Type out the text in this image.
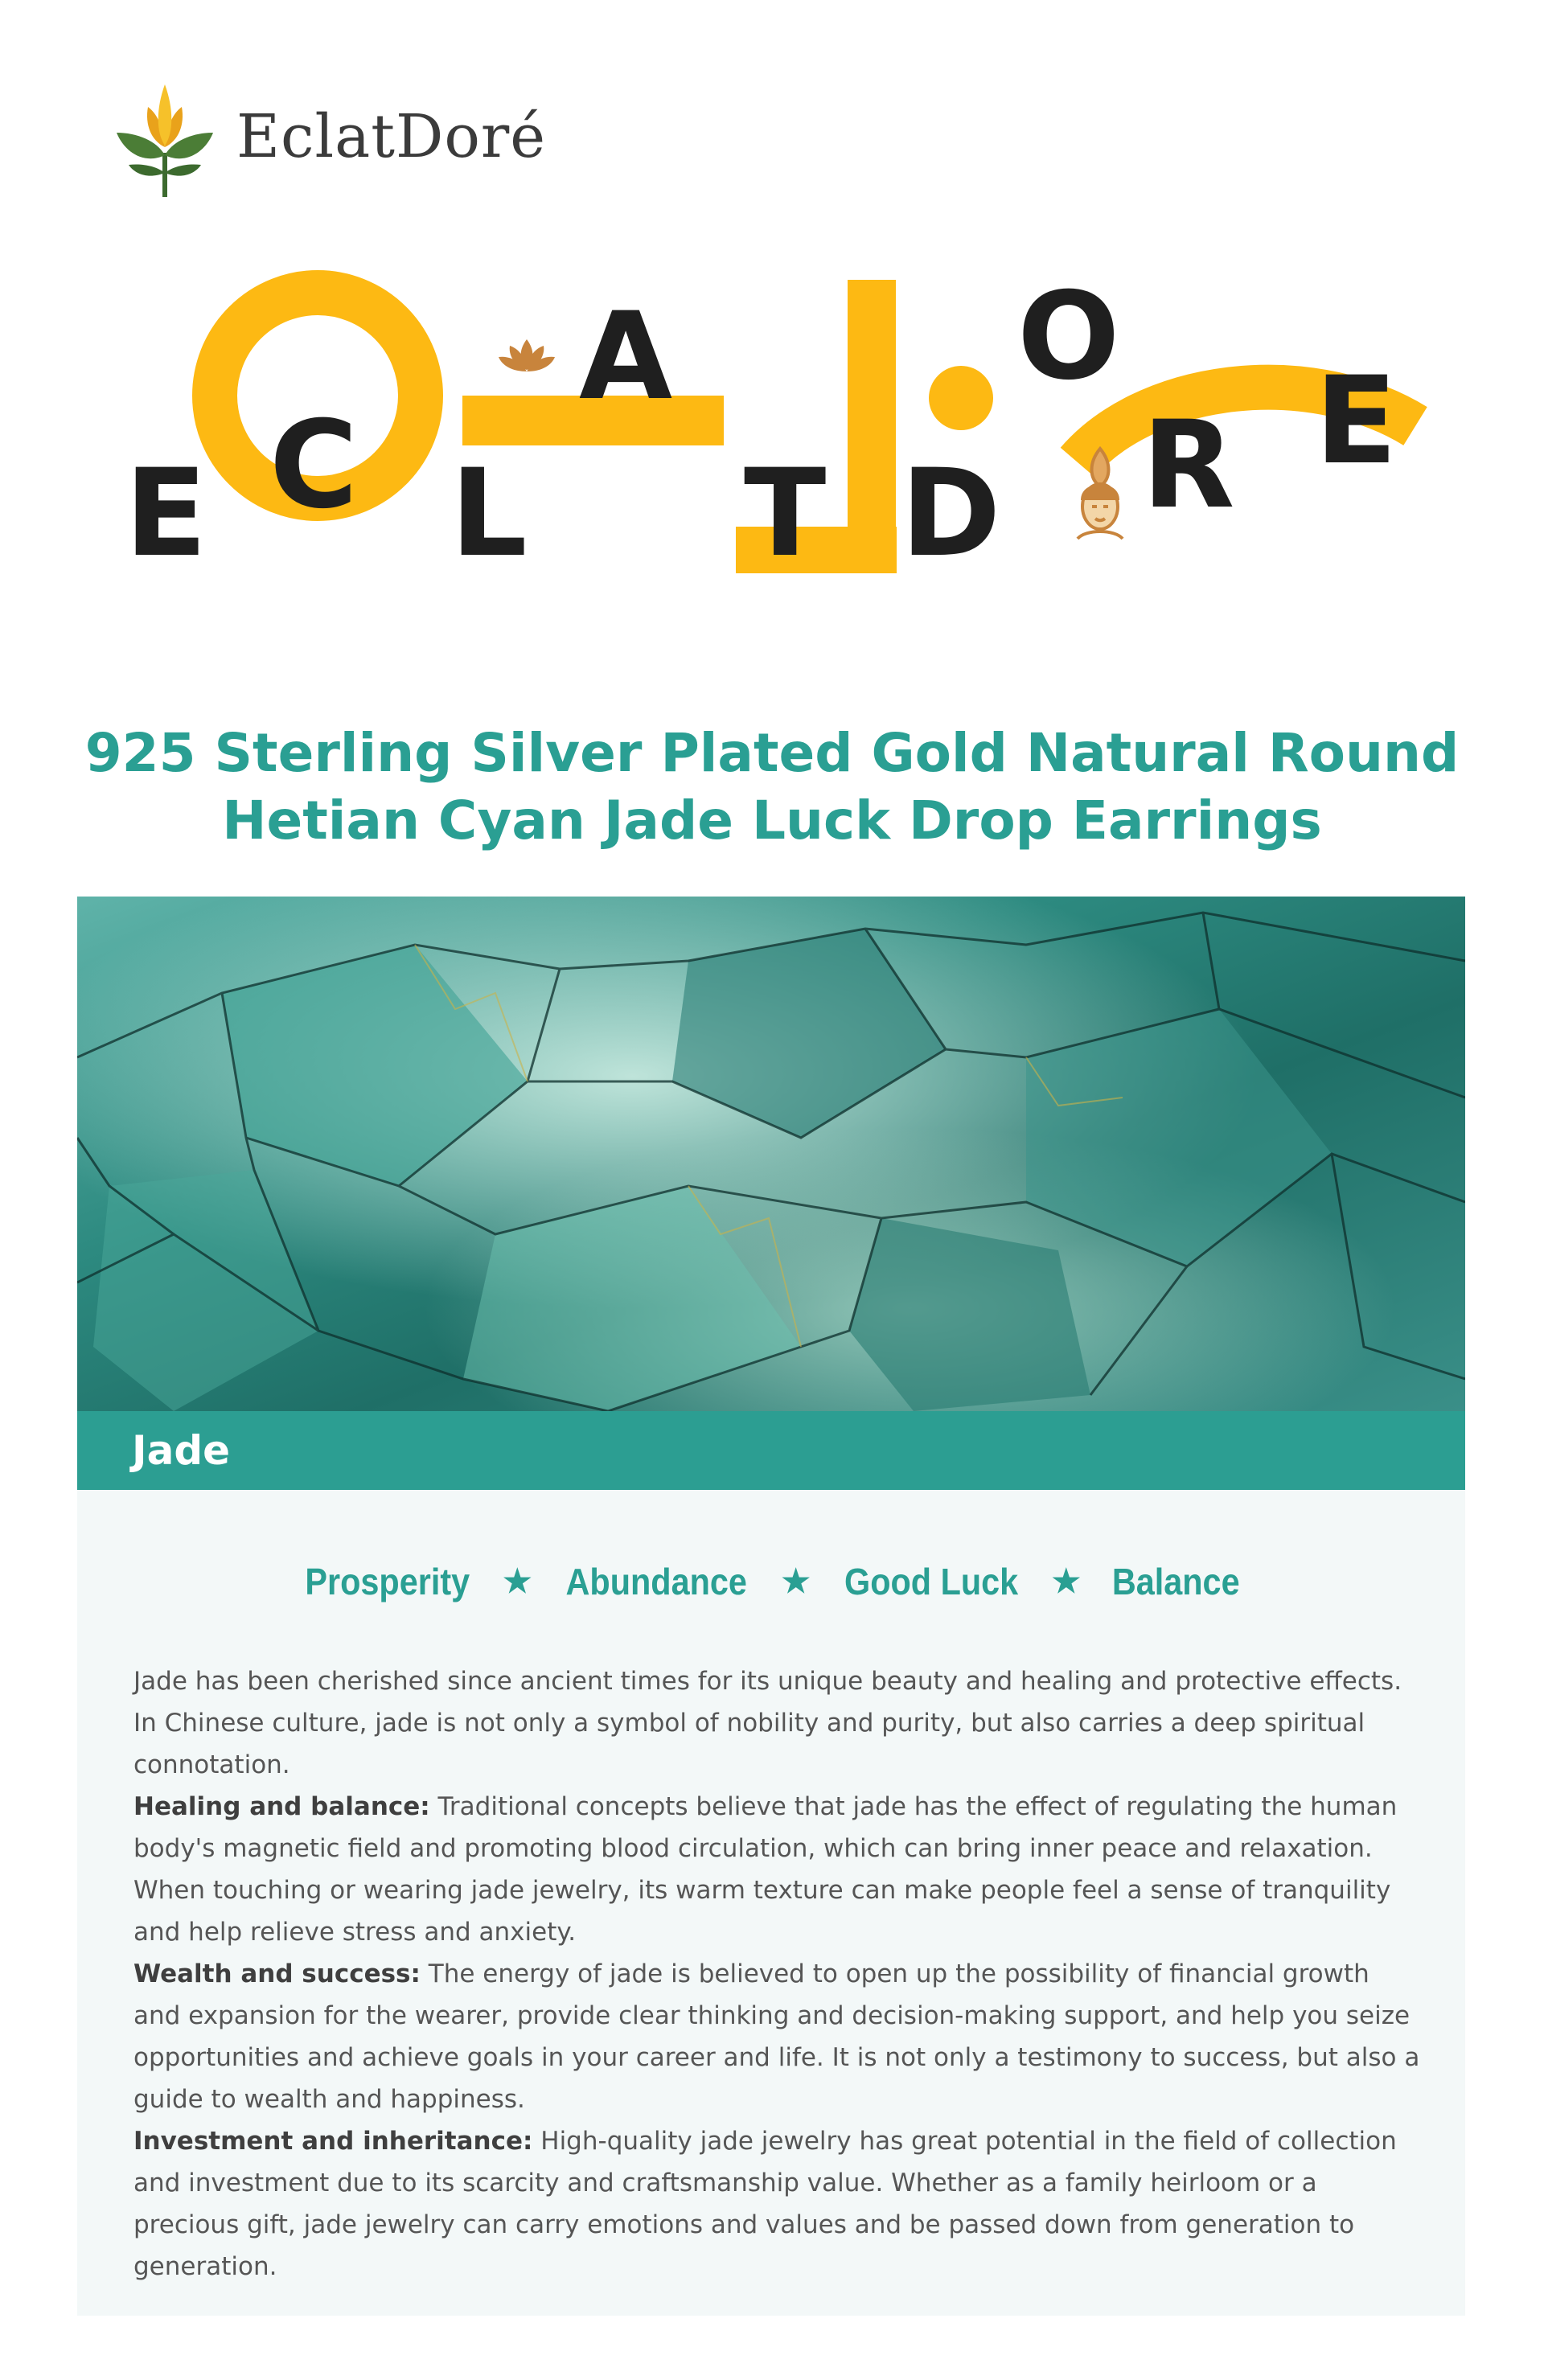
EclatDoré
E C L
A
T D
O
R E
925 Sterling Silver Plated Gold Natural Round
Hetian Cyan Jade Luck Drop Earrings
Jade
Prosperity ★ Abundance ★ Good Luck ★ Balance

Jade has been cherished since ancient times for its unique beauty and healing and protective effects. In Chinese culture, jade is not only a symbol of nobility and purity, but also carries a deep spiritual connotation.

Healing and balance: Traditional concepts believe that jade has the effect of regulating the human body's magnetic field and promoting blood circulation, which can bring inner peace and relaxation. When touching or wearing jade jewelry, its warm texture can make people feel a sense of tranquility and help relieve stress and anxiety.

Wealth and success: The energy of jade is believed to open up the possibility of financial growth and expansion for the wearer, provide clear thinking and decision-making support, and help you seize opportunities and achieve goals in your career and life. It is not only a testimony to success, but also a guide to wealth and happiness.

Investment and inheritance: High-quality jade jewelry has great potential in the field of collection and investment due to its scarcity and craftsmanship value. Whether as a family heirloom or a precious gift, jade jewelry can carry emotions and values and be passed down from generation to generation.
